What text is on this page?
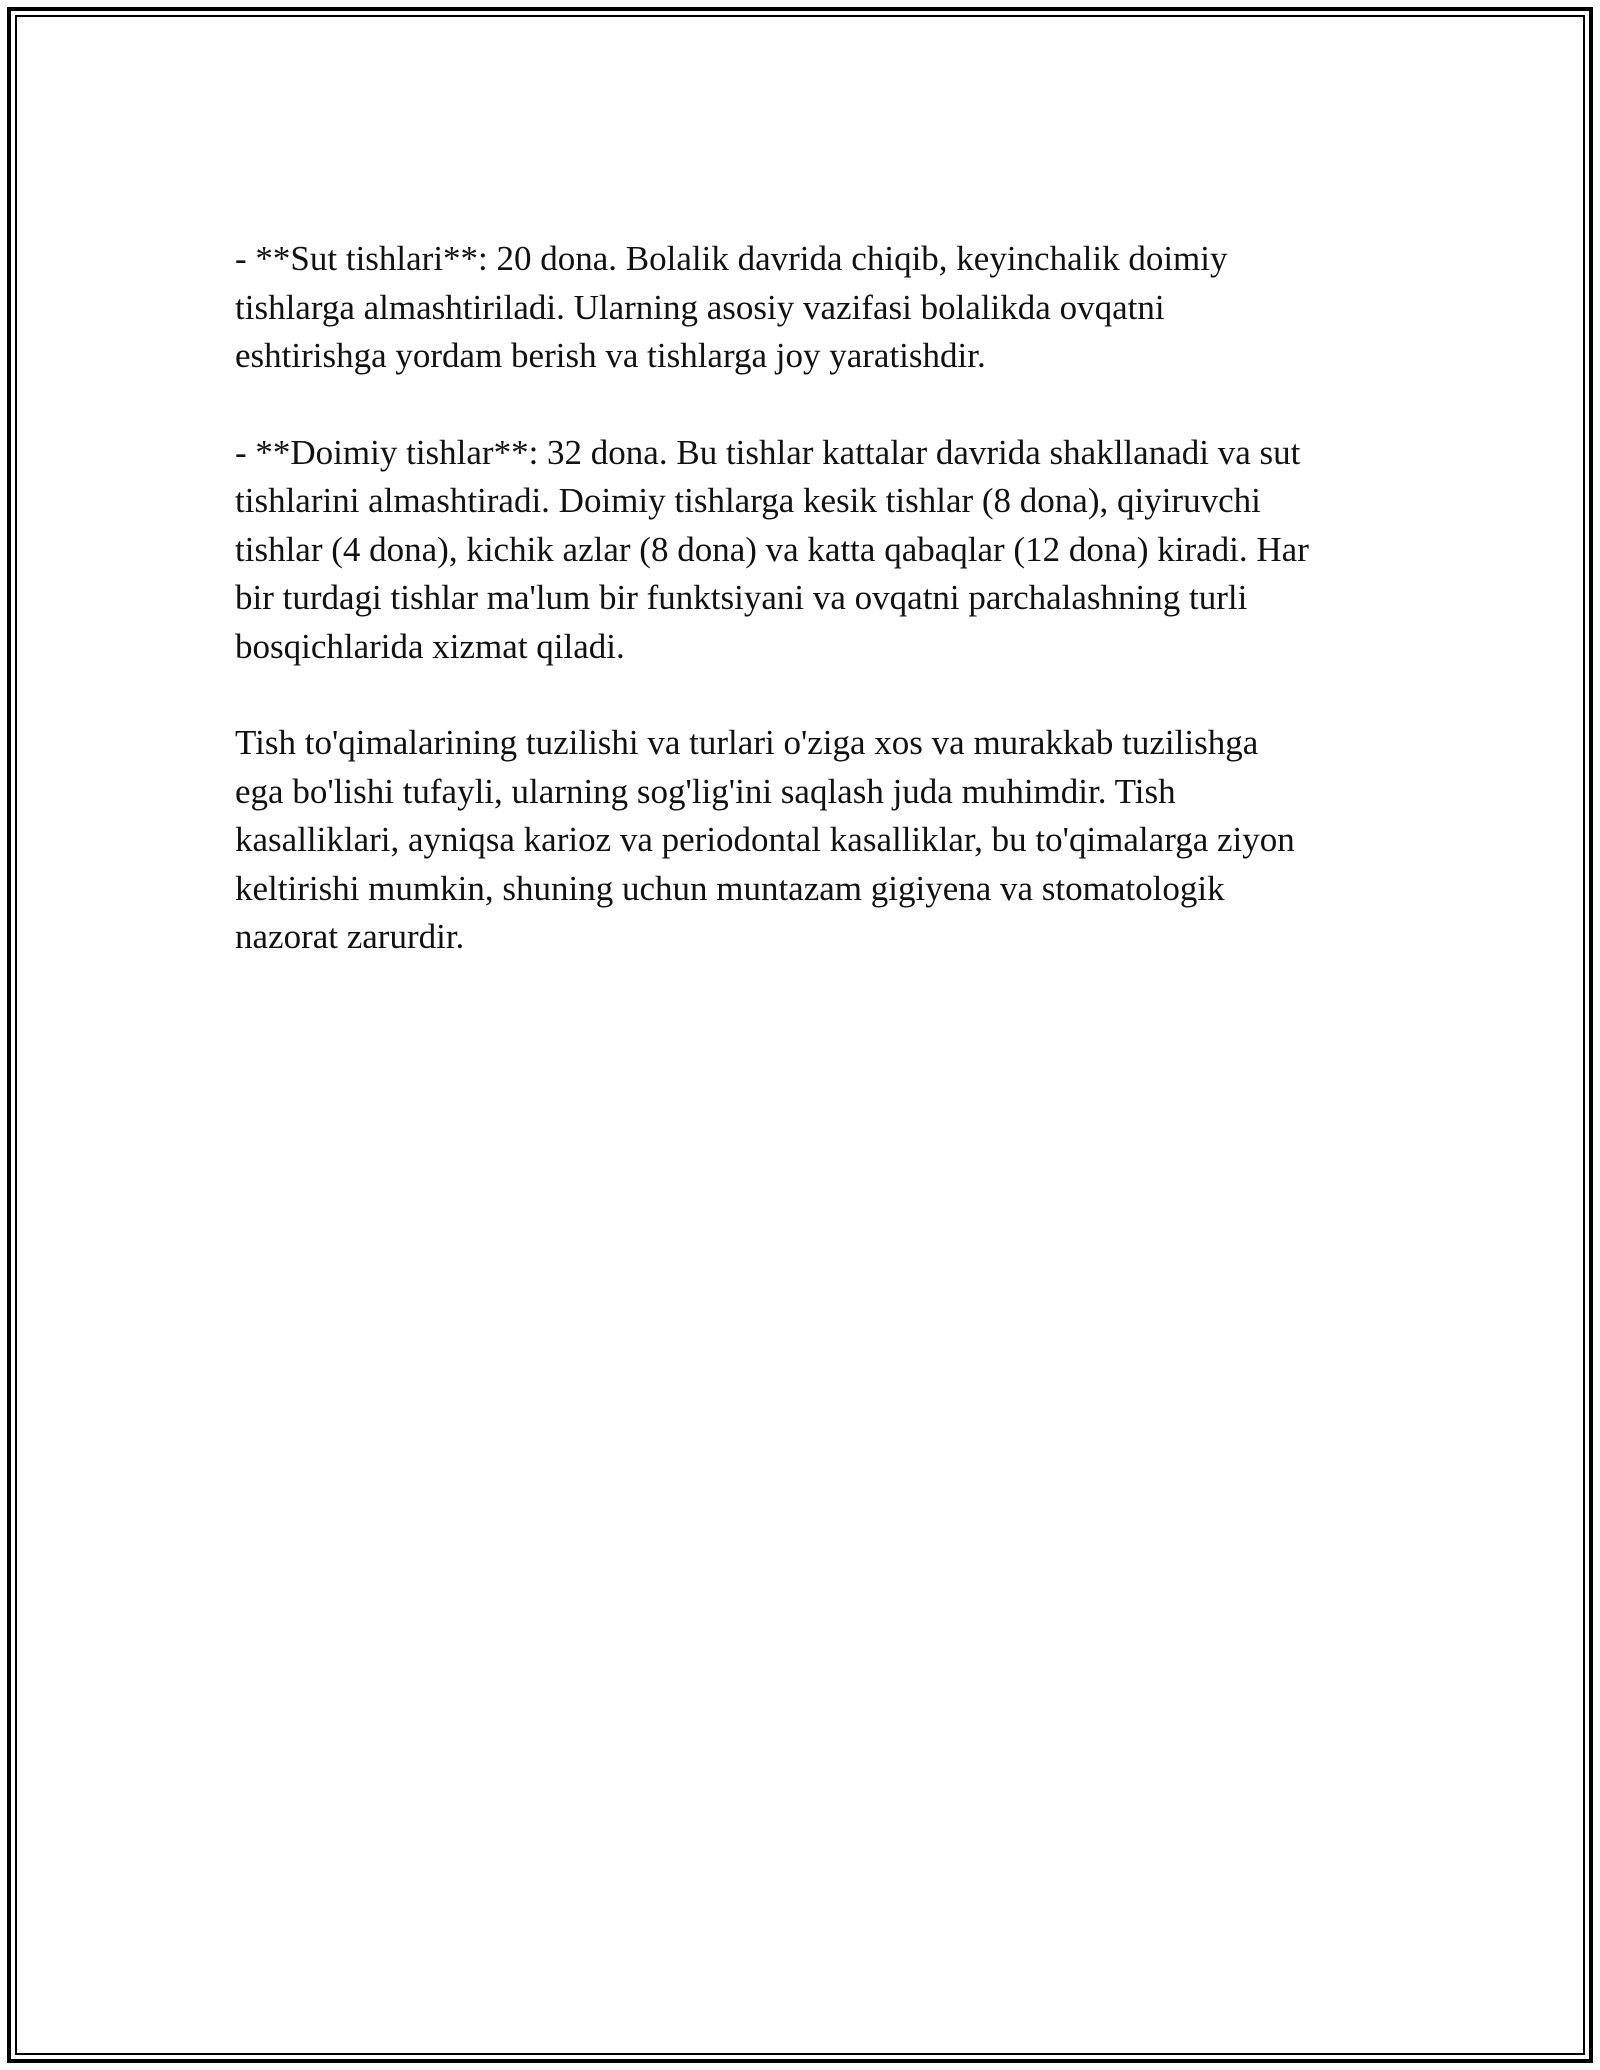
- **Sut tishlari**: 20 dona. Bolalik davrida chiqib, keyinchalik doimiy
tishlarga almashtiriladi. Ularning asosiy vazifasi bolalikda ovqatni
eshtirishga yordam berish va tishlarga joy yaratishdir.

- **Doimiy tishlar**: 32 dona. Bu tishlar kattalar davrida shakllanadi va sut
tishlarini almashtiradi. Doimiy tishlarga kesik tishlar (8 dona), qiyiruvchi
tishlar (4 dona), kichik azlar (8 dona) va katta qabaqlar (12 dona) kiradi. Har
bir turdagi tishlar ma'lum bir funktsiyani va ovqatni parchalashning turli
bosqichlarida xizmat qiladi.

Tish to'qimalarining tuzilishi va turlari o'ziga xos va murakkab tuzilishga
ega bo'lishi tufayli, ularning sog'lig'ini saqlash juda muhimdir. Tish
kasalliklari, ayniqsa karioz va periodontal kasalliklar, bu to'qimalarga ziyon
keltirishi mumkin, shuning uchun muntazam gigiyena va stomatologik
nazorat zarurdir.
